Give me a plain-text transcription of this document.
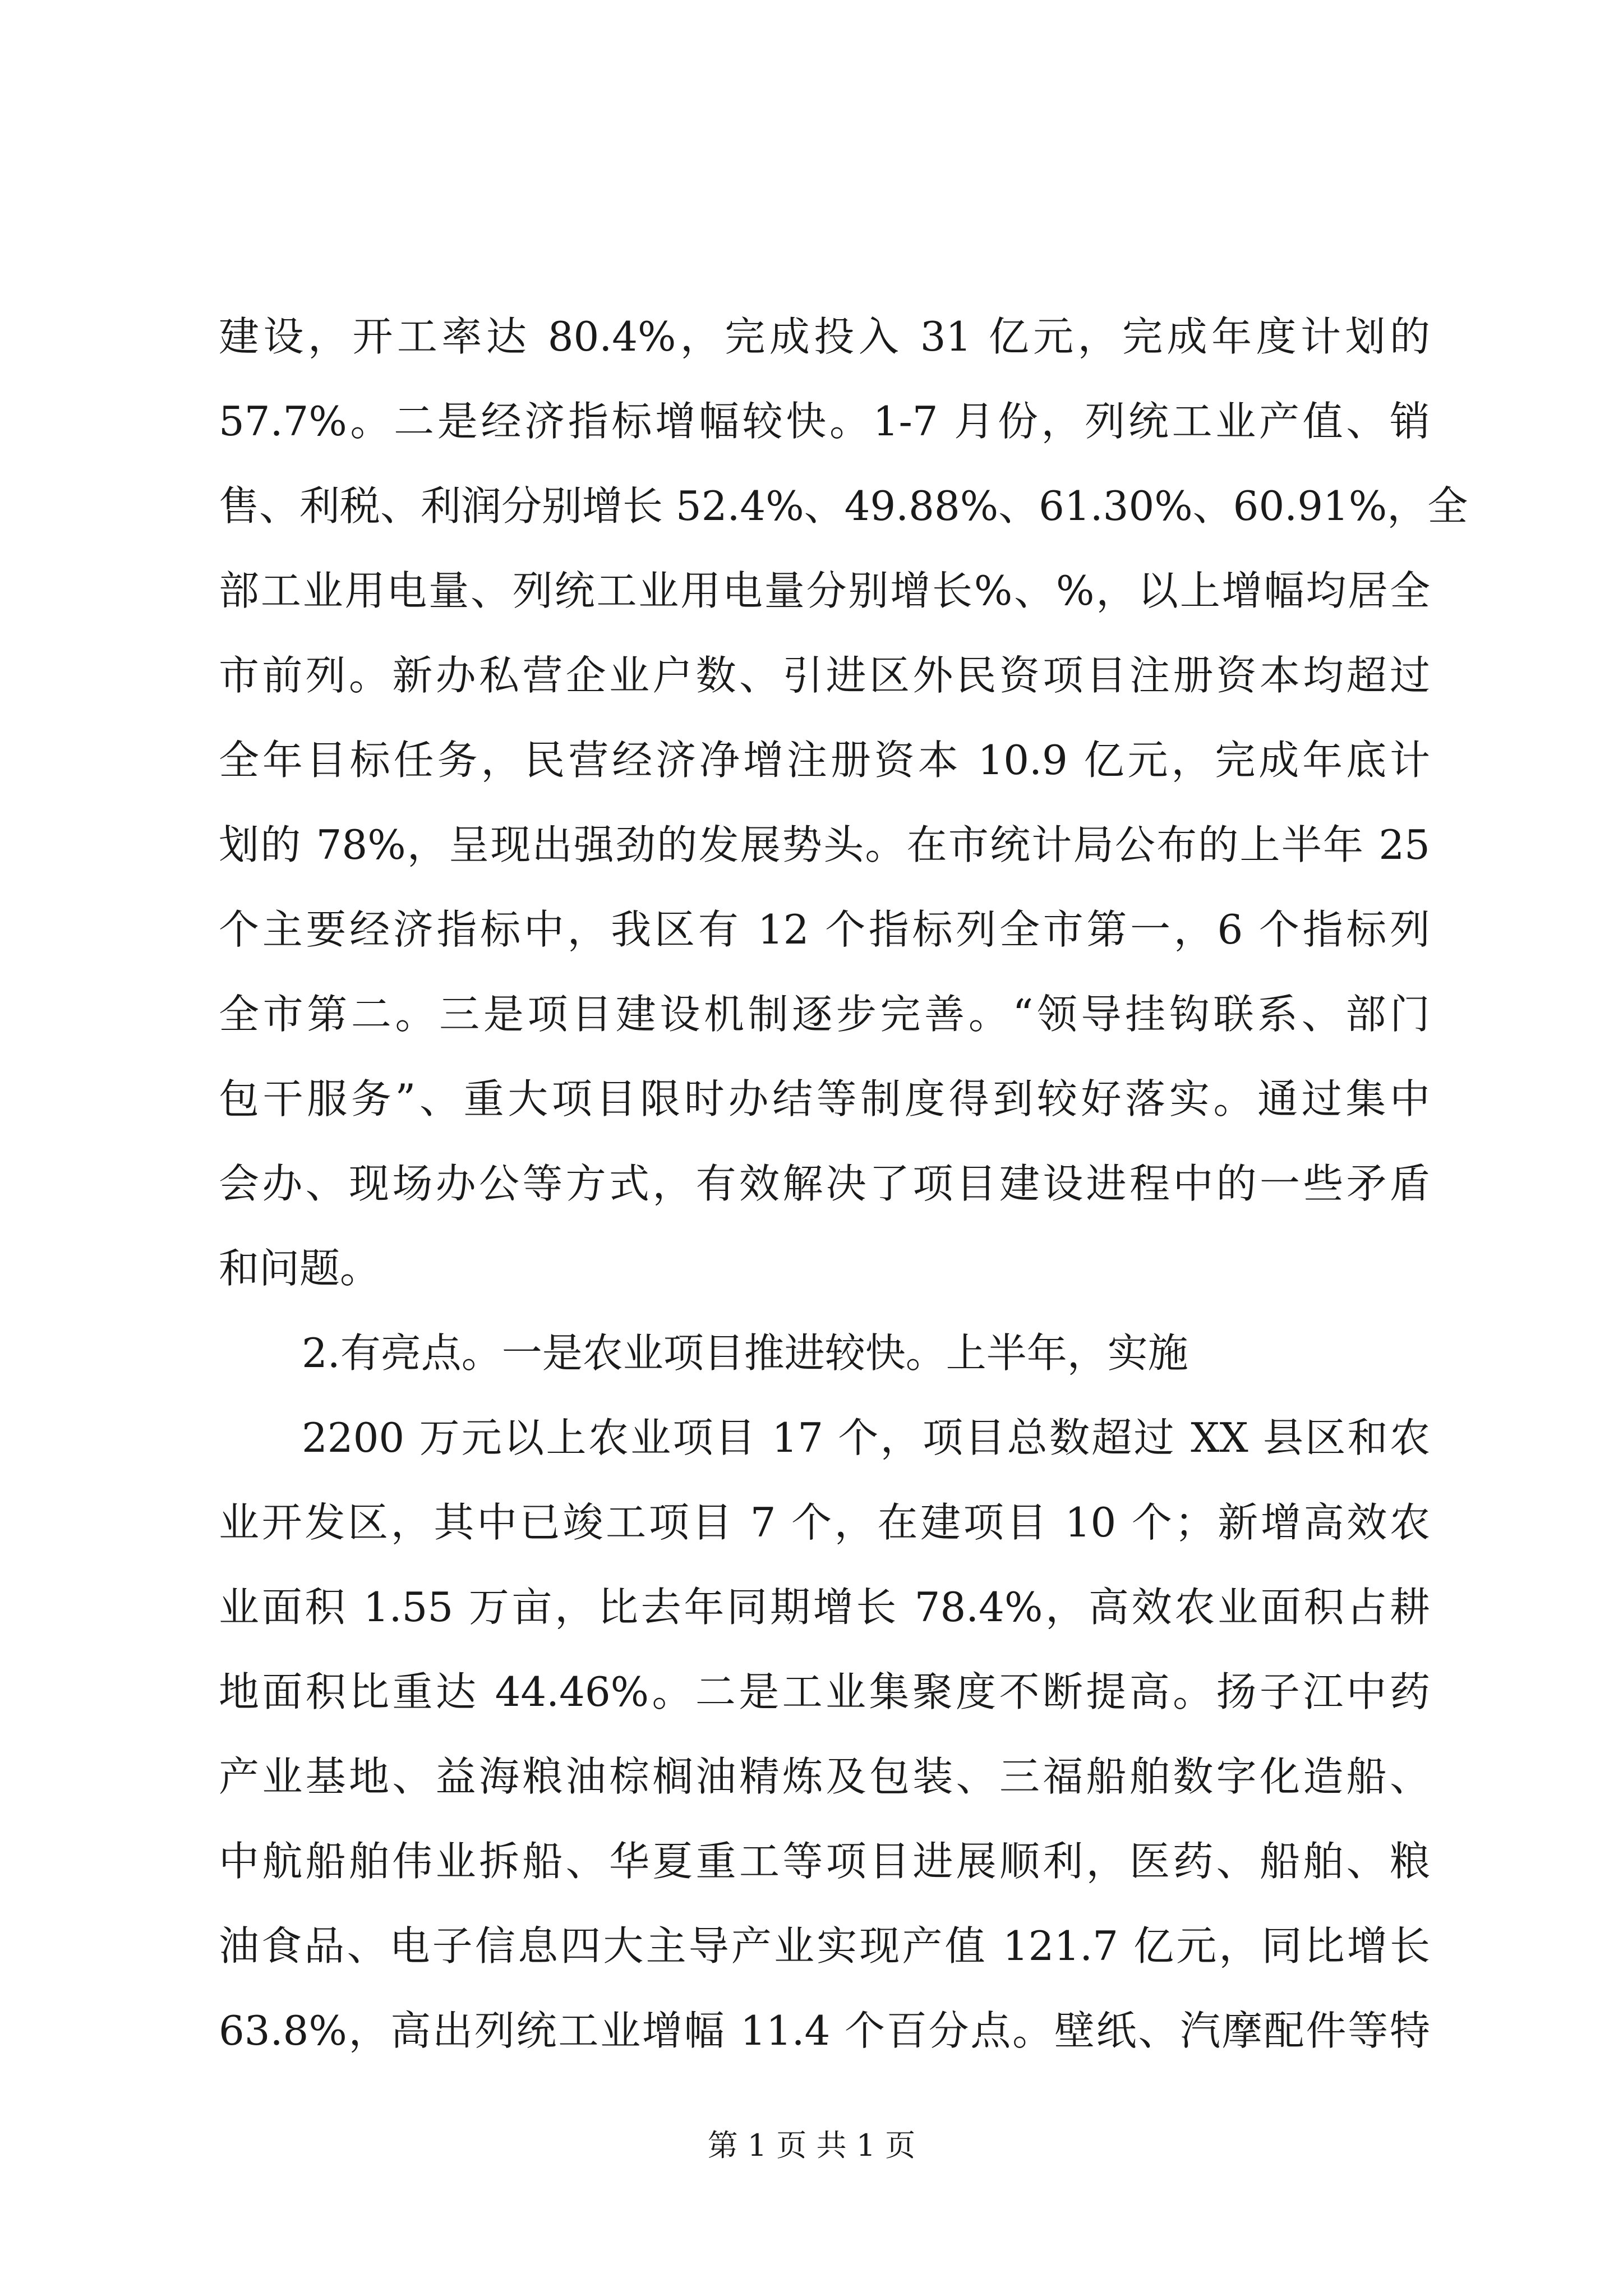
建设，开工率达 80.4%，完成投入 31 亿元，完成年度计划的
57.7%。二是经济指标增幅较快。1-7 月份，列统工业产值、销
售、利税、利润分别增长 52.4%、49.88%、61.30%、60.91%，全
部工业用电量、列统工业用电量分别增长%、%，以上增幅均居全
市前列。新办私营企业户数、引进区外民资项目注册资本均超过
全年目标任务，民营经济净增注册资本 10.9 亿元，完成年底计
划的 78%，呈现出强劲的发展势头。在市统计局公布的上半年 25
个主要经济指标中，我区有 12 个指标列全市第一，6 个指标列
全市第二。三是项目建设机制逐步完善。“领导挂钩联系、部门
包干服务”、重大项目限时办结等制度得到较好落实。通过集中
会办、现场办公等方式，有效解决了项目建设进程中的一些矛盾
和问题。
2.有亮点。一是农业项目推进较快。上半年，实施
2200 万元以上农业项目 17 个，项目总数超过 XX 县区和农
业开发区，其中已竣工项目 7 个，在建项目 10 个；新增高效农
业面积 1.55 万亩，比去年同期增长 78.4%，高效农业面积占耕
地面积比重达 44.46%。二是工业集聚度不断提高。扬子江中药
产业基地、益海粮油棕榈油精炼及包装、三福船舶数字化造船、
中航船舶伟业拆船、华夏重工等项目进展顺利，医药、船舶、粮
油食品、电子信息四大主导产业实现产值 121.7 亿元，同比增长
63.8%，高出列统工业增幅 11.4 个百分点。壁纸、汽摩配件等特
第 1 页 共 1 页
